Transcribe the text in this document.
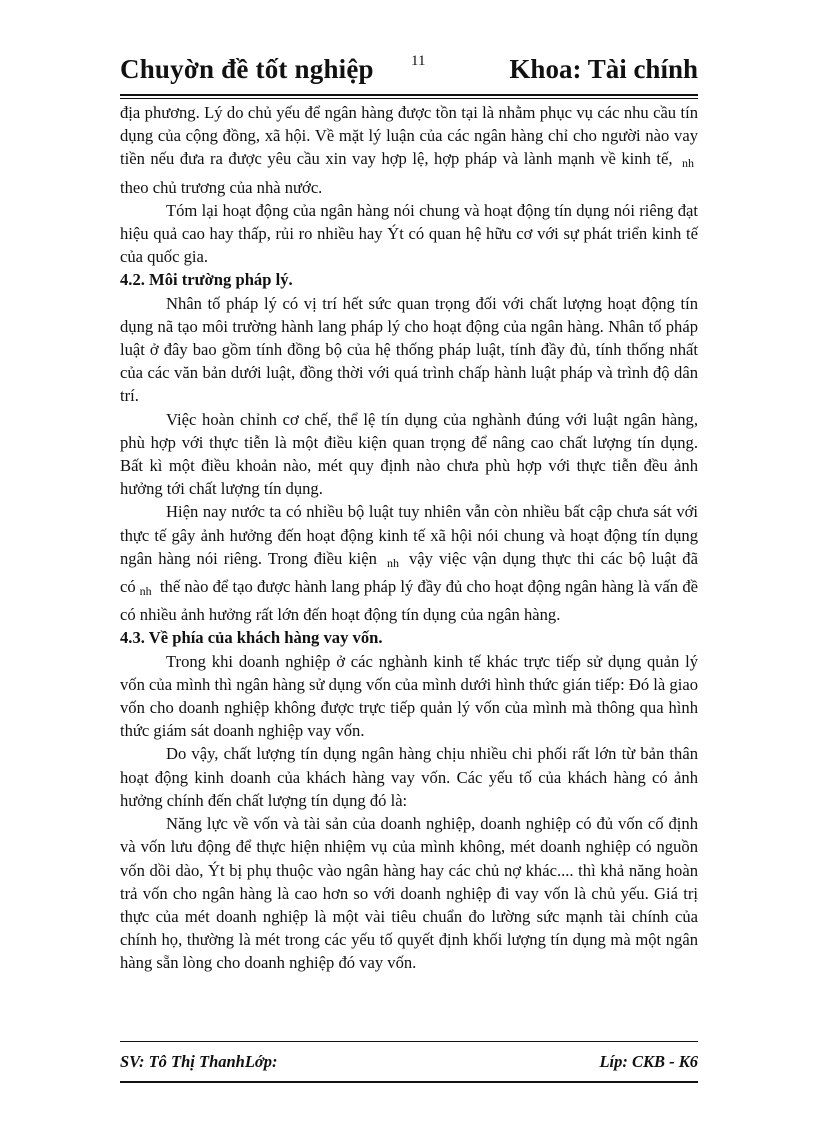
Chuyờn đề tốt nghiệp 11	Khoa: Tài chính

địa phương. Lý do chủ yếu để ngân hàng được tồn tại là nhằm phục vụ các nhu cầu tín dụng của cộng đồng, xã hội. Về mặt lý luận của các ngân hàng chỉ cho người nào vay tiền nếu đưa ra được yêu cầu xin vay hợp lệ, hợp pháp và lành mạnh về kinh tế, nh theo chủ trương của nhà nước.

Tóm lại hoạt động của ngân hàng nói chung và hoạt động tín dụng nói riêng đạt hiệu quả cao hay thấp, rủi ro nhiều hay Ýt có quan hệ hữu cơ với sự phát triển kinh tế của quốc gia.

4.2. Môi trường pháp lý.

Nhân tố pháp lý có vị trí hết sức quan trọng đối với chất lượng hoạt động tín dụng nã tạo môi trường hành lang pháp lý cho hoạt động của ngân hàng. Nhân tố pháp luật ở đây bao gồm tính đồng bộ của hệ thống pháp luật, tính đầy đủ, tính thống nhất của các văn bản dưới luật, đồng thời với quá trình chấp hành luật pháp và trình độ dân trí.

Việc hoàn chỉnh cơ chế, thể lệ tín dụng của nghành đúng với luật ngân hàng, phù hợp với thực tiễn là một điều kiện quan trọng để nâng cao chất lượng tín dụng. Bất kì một điều khoản nào, mét quy định nào chưa phù hợp với thực tiễn đều ảnh hưởng tới chất lượng tín dụng.

Hiện nay nước ta có nhiều bộ luật tuy nhiên vẫn còn nhiều bất cập chưa sát với thực tế gây ảnh hưởng đến hoạt động kinh tế xã hội nói chung và hoạt động tín dụng ngân hàng nói riêng. Trong điều kiện nh vậy việc vận dụng thực thi các bộ luật đã có nh thế nào để tạo được hành lang pháp lý đầy đủ cho hoạt động ngân hàng là vấn đề có nhiều ảnh hưởng rất lớn đến hoạt động tín dụng của ngân hàng.

4.3. Về phía của khách hàng vay vốn.

Trong khi doanh nghiệp ở các nghành kinh tế khác trực tiếp sử dụng quản lý vốn của mình thì ngân hàng sử dụng vốn của mình dưới hình thức gián tiếp: Đó là giao vốn cho doanh nghiệp không được trực tiếp quản lý vốn của mình mà thông qua hình thức giám sát doanh nghiệp vay vốn.

Do vậy, chất lượng tín dụng ngân hàng chịu nhiều chi phối rất lớn từ bản thân hoạt động kinh doanh của khách hàng vay vốn. Các yếu tố của khách hàng có ảnh hưởng chính đến chất lượng tín dụng đó là:

Năng lực về vốn và tài sản của doanh nghiệp, doanh nghiệp có đủ vốn cố định và vốn lưu động để thực hiện nhiệm vụ của mình không, mét doanh nghiệp có nguồn vốn dồi dào, Ýt bị phụ thuộc vào ngân hàng hay các chủ nợ khác.... thì khả năng hoàn trả vốn cho ngân hàng là cao hơn so với doanh nghiệp đi vay vốn là chủ yếu. Giá trị thực của mét doanh nghiệp là một vài tiêu chuẩn đo lường sức mạnh tài chính của chính họ, thường là mét trong các yếu tố quyết định khối lượng tín dụng mà một ngân hàng sẵn lòng cho doanh nghiệp đó vay vốn.

SV: Tô Thị ThanhLớp:	Líp: CKB - K6
